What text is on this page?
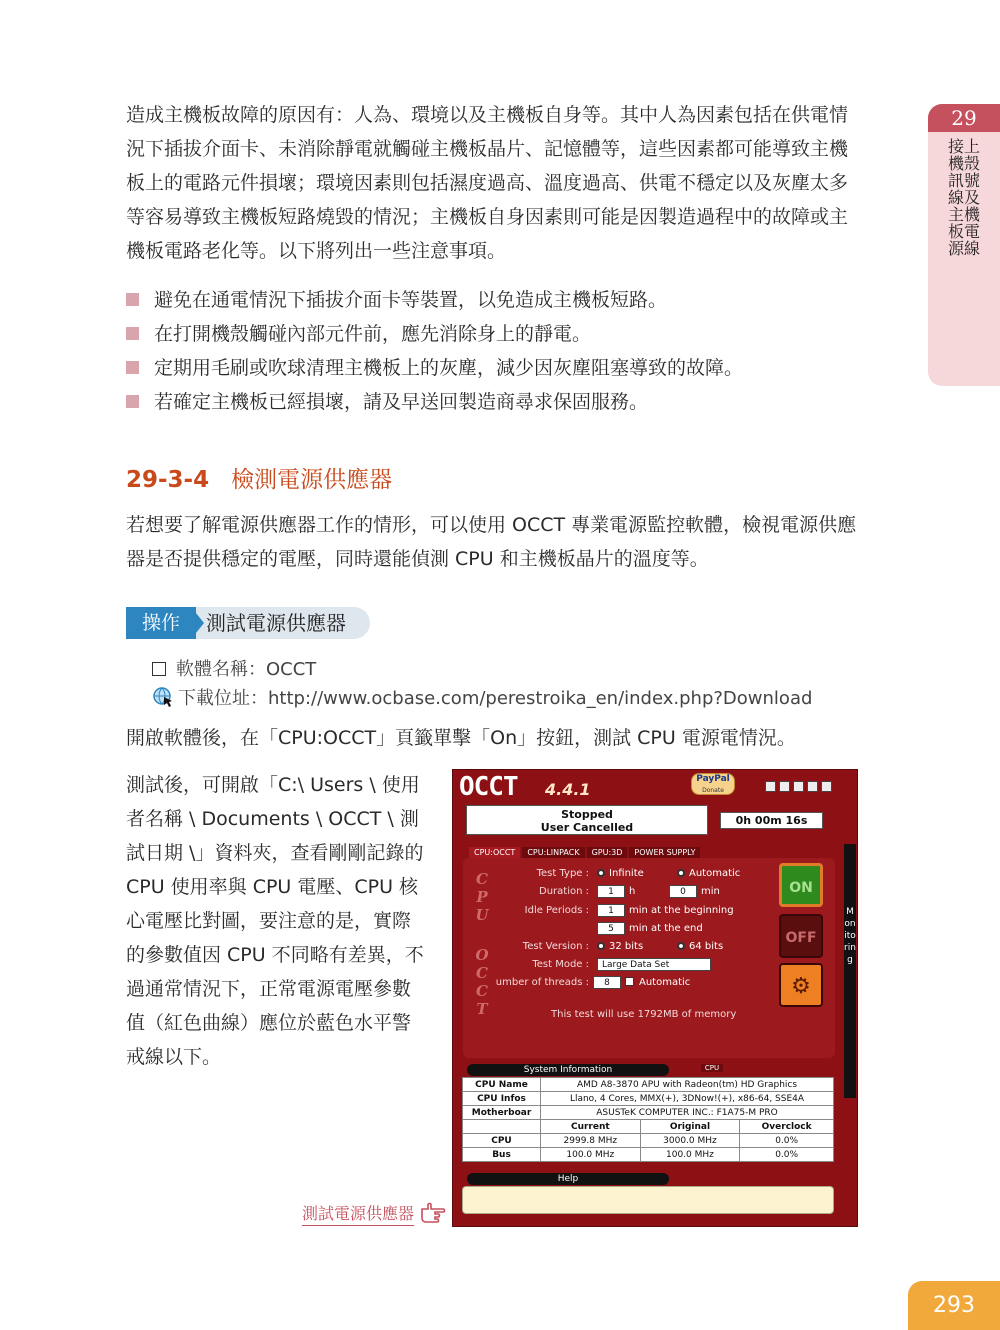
29
接上機殼訊號線及主機板電源線

造成主機板故障的原因有：人為、環境以及主機板自身等。其中人為因素包括在供電情況下插拔介面卡、未消除靜電就觸碰主機板晶片、記憶體等，這些因素都可能導致主機板上的電路元件損壞；環境因素則包括濕度過高、溫度過高、供電不穩定以及灰塵太多等容易導致主機板短路燒毀的情況；主機板自身因素則可能是因製造過程中的故障或主機板電路老化等。以下將列出一些注意事項。

避免在通電情況下插拔介面卡等裝置，以免造成主機板短路。
在打開機殼觸碰內部元件前，應先消除身上的靜電。
定期用毛刷或吹球清理主機板上的灰塵，減少因灰塵阻塞導致的故障。
若確定主機板已經損壞，請及早送回製造商尋求保固服務。
29-3-4 檢測電源供應器

若想要了解電源供應器工作的情形，可以使用 OCCT 專業電源監控軟體，檢視電源供應器是否提供穩定的電壓，同時還能偵測 CPU 和主機板晶片的溫度等。

操作	測試電源供應器
軟體名稱：OCCT
下載位址：http://www.ocbase.com/perestroika_en/index.php?Download

開啟軟體後，在「CPU:OCCT」頁籤單擊「On」按鈕，測試 CPU 電源電情況。

測試後，可開啟「C:\ Users \ 使用者名稱 \ Documents \ OCCT \ 測試日期 \」資料夾，查看剛剛記錄的 CPU 使用率與 CPU 電壓、CPU 核心電壓比對圖，要注意的是，實際的參數值因 CPU 不同略有差異，不過通常情況下，正常電源電壓參數值（紅色曲線）應位於藍色水平警戒線以下。

OCCT 4.4.1
PayPal
Donate
Stopped
User Cancelled
0h 00m 16s
CPU:OCCT CPU:LINPACK GPU:3D POWER SUPPLY
CPU
OCCT
Test Type :	Infinite	Automatic
Duration :	1	h	0	min
Idle Periods :	1	min at the beginning
5	min at the end
Test Version :	32 bits	64 bits
Test Mode :	Large Data Set
umber of threads :	8	Automatic
This test will use 1792MB of memory
ON
OFF
⚙
Monitoring
System Information	CPU
CPU Name	AMD A8-3870 APU with Radeon(tm) HD Graphics		
CPU Infos	Llano, 4 Cores, MMX(+), 3DNow!(+), x86-64, SSE4A		
Motherboar	ASUSTeK COMPUTER INC.: F1A75-M PRO		
	Current	Original	Overclock
CPU	2999.8 MHz	3000.0 MHz	0.0%
Bus	100.0 MHz	100.0 MHz	0.0%
Help
測試電源供應器
293
